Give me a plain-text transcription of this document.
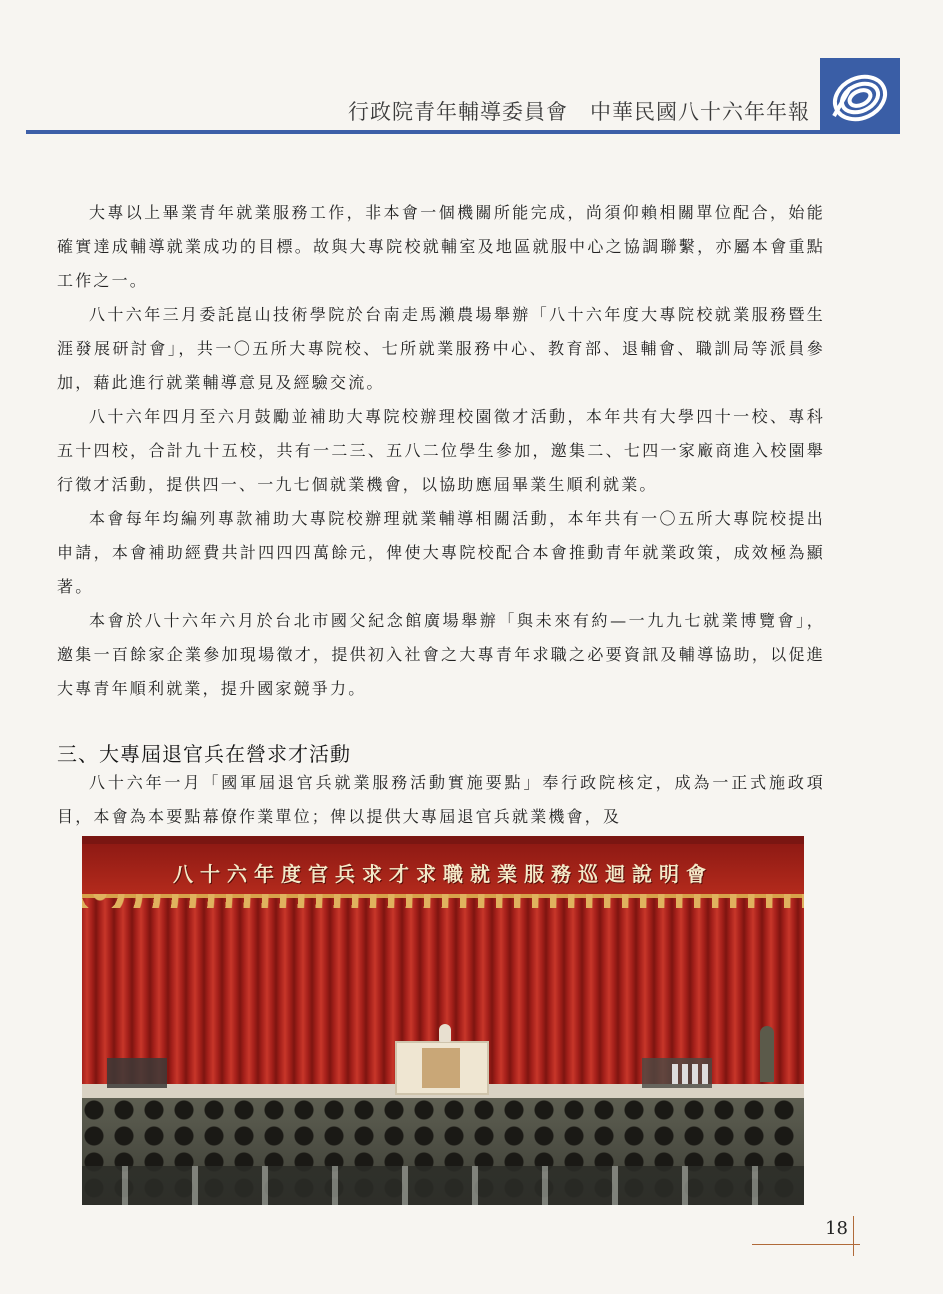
行政院青年輔導委員會　中華民國八十六年年報

大專以上畢業青年就業服務工作，非本會一個機關所能完成，尚須仰賴相關單位配合，始能確實達成輔導就業成功的目標。故與大專院校就輔室及地區就服中心之協調聯繫，亦屬本會重點工作之一。

八十六年三月委託崑山技術學院於台南走馬瀨農場舉辦「八十六年度大專院校就業服務暨生涯發展研討會」，共一〇五所大專院校、七所就業服務中心、教育部、退輔會、職訓局等派員參加，藉此進行就業輔導意見及經驗交流。

八十六年四月至六月鼓勵並補助大專院校辦理校園徵才活動，本年共有大學四十一校、專科五十四校，合計九十五校，共有一二三、五八二位學生參加，邀集二、七四一家廠商進入校園舉行徵才活動，提供四一、一九七個就業機會，以協助應屆畢業生順利就業。

本會每年均編列專款補助大專院校辦理就業輔導相關活動，本年共有一〇五所大專院校提出申請，本會補助經費共計四四四萬餘元，俾使大專院校配合本會推動青年就業政策，成效極為顯著。

本會於八十六年六月於台北市國父紀念館廣場舉辦「與未來有約—一九九七就業博覽會」，邀集一百餘家企業參加現場徵才，提供初入社會之大專青年求職之必要資訊及輔導協助，以促進大專青年順利就業，提升國家競爭力。

三、大專屆退官兵在營求才活動

八十六年一月「國軍屆退官兵就業服務活動實施要點」奉行政院核定，成為一正式施政項目，本會為本要點幕僚作業單位；俾以提供大專屆退官兵就業機會，及

八十六年度官兵求才求職就業服務巡迴說明會
18
